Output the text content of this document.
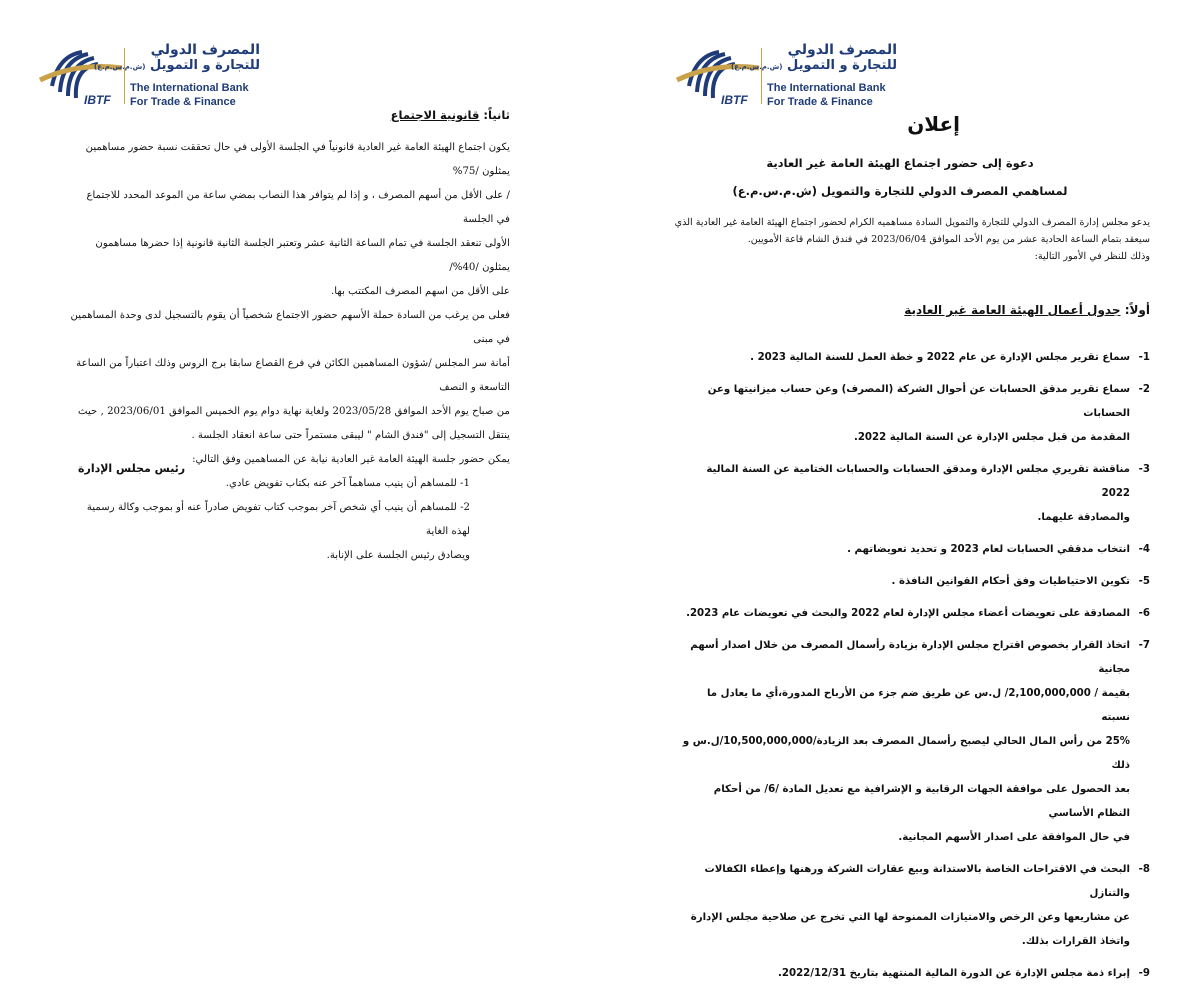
IBTF
المصرف الدولي
للتجارة و التمويل (ش.م.س.م.ع)
The International Bank
For Trade & Finance
ثانياً: قانونية الاجتماع

يكون اجتماع الهيئة العامة غير العادية قانونياً في الجلسة الأولى في حال تحققت نسبة حضور مساهمين يمثلون /75%

/ على الأقل من أسهم المصرف ، و إذا لم يتوافر هذا النصاب بمضي ساعة من الموعد المحدد للاجتماع في الجلسة

الأولى تنعقد الجلسة في تمام الساعة الثانية عشر وتعتبر الجلسة الثانية قانونية إذا حضرها مساهمون يمثلون /40%/

على الأقل من اسهم المصرف المكتتب بها.

فعلى من يرغب من السادة حملة الأسهم حضور الاجتماع شخصياً أن يقوم بالتسجيل لدى وحدة المساهمين في مبنى

أمانة سر المجلس /شؤون المساهمين الكائن في فرع القصاع سابقا برج الروس وذلك اعتباراً من الساعة التاسعة و النصف

من صباح يوم الأحد الموافق 2023/05/28 ولغاية نهاية دوام يوم الخميس الموافق 2023/06/01 , حيث

ينتقل التسجيل إلى "فندق الشام " ليبقى مستمراً حتى ساعة انعقاد الجلسة .

يمكن حضور جلسة الهيئة العامة غير العادية نيابة عن المساهمين وفق التالي:

1- للمساهم أن ينيب مساهماً آخر عنه بكتاب تفويض عادي.

2- للمساهم أن ينيب أي شخص آخر بموجب كتاب تفويض صادراً عنه أو بموجب وكالة رسمية لهذه الغاية

ويصادق رئيس الجلسة على الإنابة.

رئيس مجلس الإدارة
IBTF
المصرف الدولي
للتجارة و التمويل (ش.م.س.م.ع)
The International Bank
For Trade & Finance
إعلان
دعوة إلى حضور اجتماع الهيئة العامة غير العادية
لمساهمي المصرف الدولي للتجارة والتمويل (ش.م.س.م.ع)
يدعو مجلس إدارة المصرف الدولي للتجارة والتمويل السادة مساهميه الكرام لحضور اجتماع الهيئة العامة غير العادية الذي
سيعقد بتمام الساعة الحادية عشر من يوم الأحد الموافق 2023/06/04 في فندق الشام قاعة الأمويين.
وذلك للنظر في الأمور التالية:
أولاً: جدول أعمال الهيئة العامة غير العادية
1-
سماع تقرير مجلس الإدارة عن عام 2022 و خطة العمل للسنة المالية 2023 .
2-
سماع تقرير مدقق الحسابات عن أحوال الشركة (المصرف) وعن حساب ميزانيتها وعن الحسابات
المقدمة من قبل مجلس الإدارة عن السنة المالية 2022.
3-
مناقشة تقريري مجلس الإدارة ومدقق الحسابات والحسابات الختامية عن السنة المالية 2022
والمصادقة عليهما.
4-
انتخاب مدققي الحسابات لعام 2023 و تحديد تعويضاتهم .
5-
تكوين الاحتياطيات وفق أحكام القوانين النافذة .
6-
المصادقة على تعويضات أعضاء مجلس الإدارة لعام 2022 والبحث في تعويضات عام 2023.
7-
اتخاذ القرار بخصوص اقتراح مجلس الإدارة بزيادة رأسمال المصرف من خلال اصدار أسهم مجانية
بقيمة / 2,100,000,000/ ل.س عن طريق ضم جزء من الأرباح المدورة،أي ما يعادل ما نسبته
25% من رأس المال الحالي ليصبح رأسمال المصرف بعد الزيادة/10,500,000,000/ل.س و ذلك
بعد الحصول على موافقة الجهات الرقابية و الإشرافية مع تعديل المادة /6/ من أحكام النظام الأساسي
في حال الموافقة على اصدار الأسهم المجانية.
8-
البحث في الاقتراحات الخاصة بالاستدانة وبيع عقارات الشركة ورهنها وإعطاء الكفالات والتنازل
عن مشاريعها وعن الرخص والامتيازات الممنوحة لها التي تخرج عن صلاحية مجلس الإدارة
واتخاذ القرارات بذلك.
9-
إبراء ذمة مجلس الإدارة عن الدورة المالية المنتهية بتاريخ 2022/12/31.
